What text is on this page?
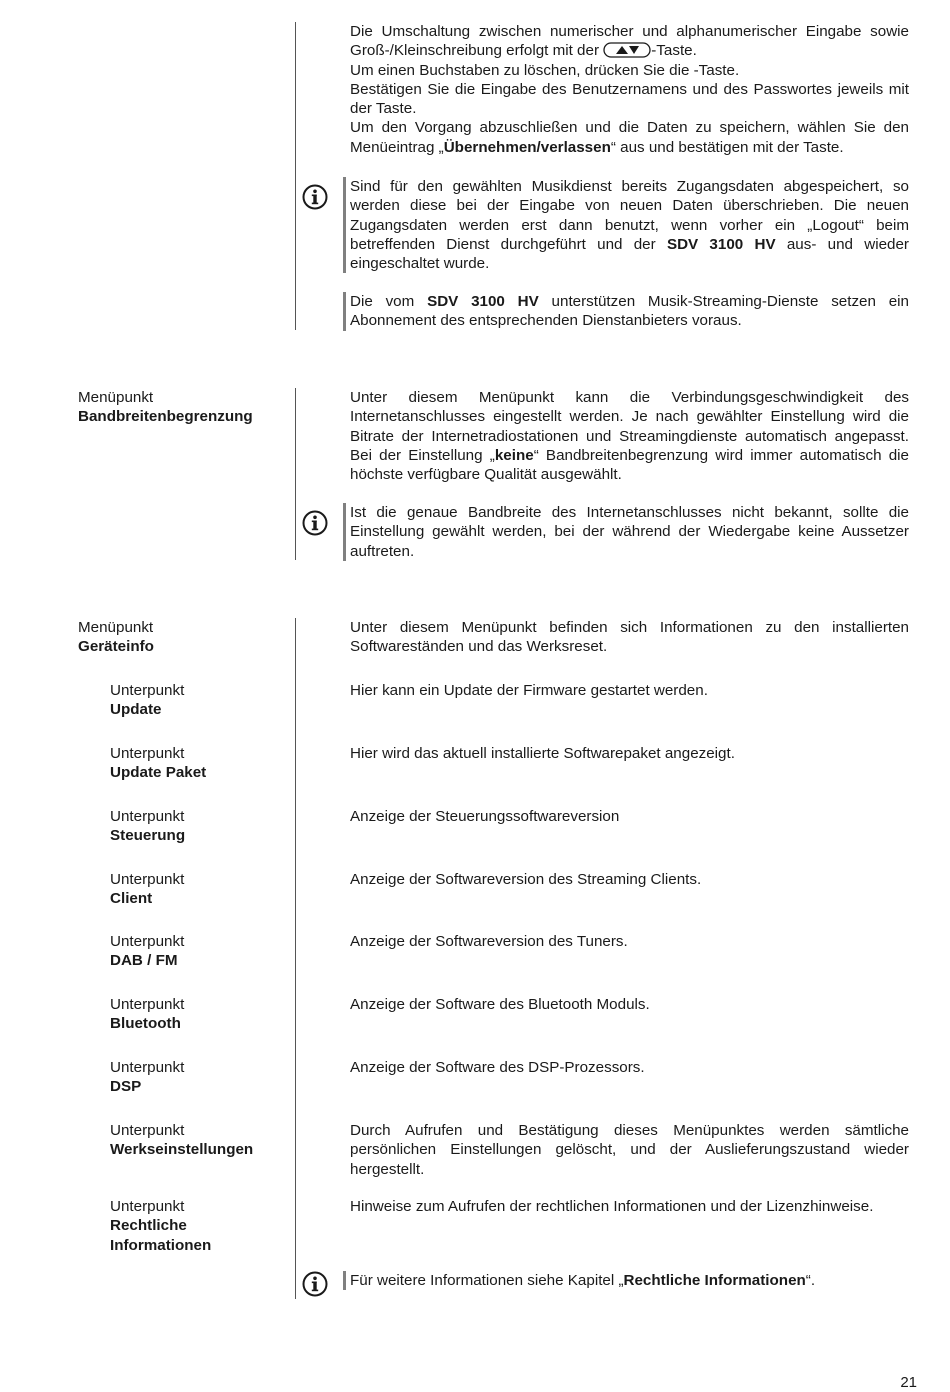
Die Umschaltung zwischen numerischer und alphanumerischer Eingabe sowie Groß-/Kleinschreibung erfolgt mit der	-Taste.

Um einen Buchstaben zu löschen, drücken Sie die -Taste.

Bestätigen Sie die Eingabe des Benutzernamens und des Passwortes jeweils mit der Taste.

Um den Vorgang abzuschließen und die Daten zu speichern, wählen Sie den Menüeintrag „Übernehmen/verlassen“ aus und bestätigen mit der Taste.

Sind für den gewählten Musikdienst bereits Zugangsdaten abgespeichert, so werden diese bei der Eingabe von neuen Daten überschrieben. Die neuen Zugangsdaten werden erst dann benutzt, wenn vorher ein „Logout“ beim betreffenden Dienst durchgeführt und der SDV 3100 HV aus- und wieder eingeschaltet wurde.
Die vom SDV 3100 HV unterstützen Musik-Streaming-Dienste setzen ein Abonnement des entsprechenden Dienstanbieters voraus.
Menüpunkt
Bandbreitenbegrenzung
Unter diesem Menüpunkt kann die Verbindungsgeschwindigkeit des Internetanschlusses eingestellt werden. Je nach gewählter Einstellung wird die Bitrate der Internetradiostationen und Streamingdienste automatisch angepasst. Bei der Einstellung „keine“ Bandbreitenbegrenzung wird immer automatisch die höchste verfügbare Qualität ausgewählt.
Ist die genaue Bandbreite des Internetanschlusses nicht bekannt, sollte die Einstellung gewählt werden, bei der während der Wiedergabe keine Aussetzer auftreten.
Menüpunkt
Geräteinfo
Unter diesem Menüpunkt befinden sich Informationen zu den installierten Softwareständen und das Werksreset.
Unterpunkt
Update
Hier kann ein Update der Firmware gestartet werden.
Unterpunkt
Update Paket
Hier wird das aktuell installierte Softwarepaket angezeigt.
Unterpunkt
Steuerung
Anzeige der Steuerungssoftwareversion
Unterpunkt
Client
Anzeige der Softwareversion des Streaming Clients.
Unterpunkt
DAB / FM
Anzeige der Softwareversion des Tuners.
Unterpunkt
Bluetooth
Anzeige der Software des Bluetooth Moduls.
Unterpunkt
DSP
Anzeige der Software des DSP-Prozessors.
Unterpunkt
Werkseinstellungen
Durch Aufrufen und Bestätigung dieses Menüpunktes werden sämtliche persönlichen Einstellungen gelöscht, und der Auslieferungszustand wieder hergestellt.
Unterpunkt
Rechtliche
Informationen
Hinweise zum Aufrufen der rechtlichen Informationen und der Lizenzhinweise.
Für weitere Informationen siehe Kapitel „Rechtliche Informationen“.
21
